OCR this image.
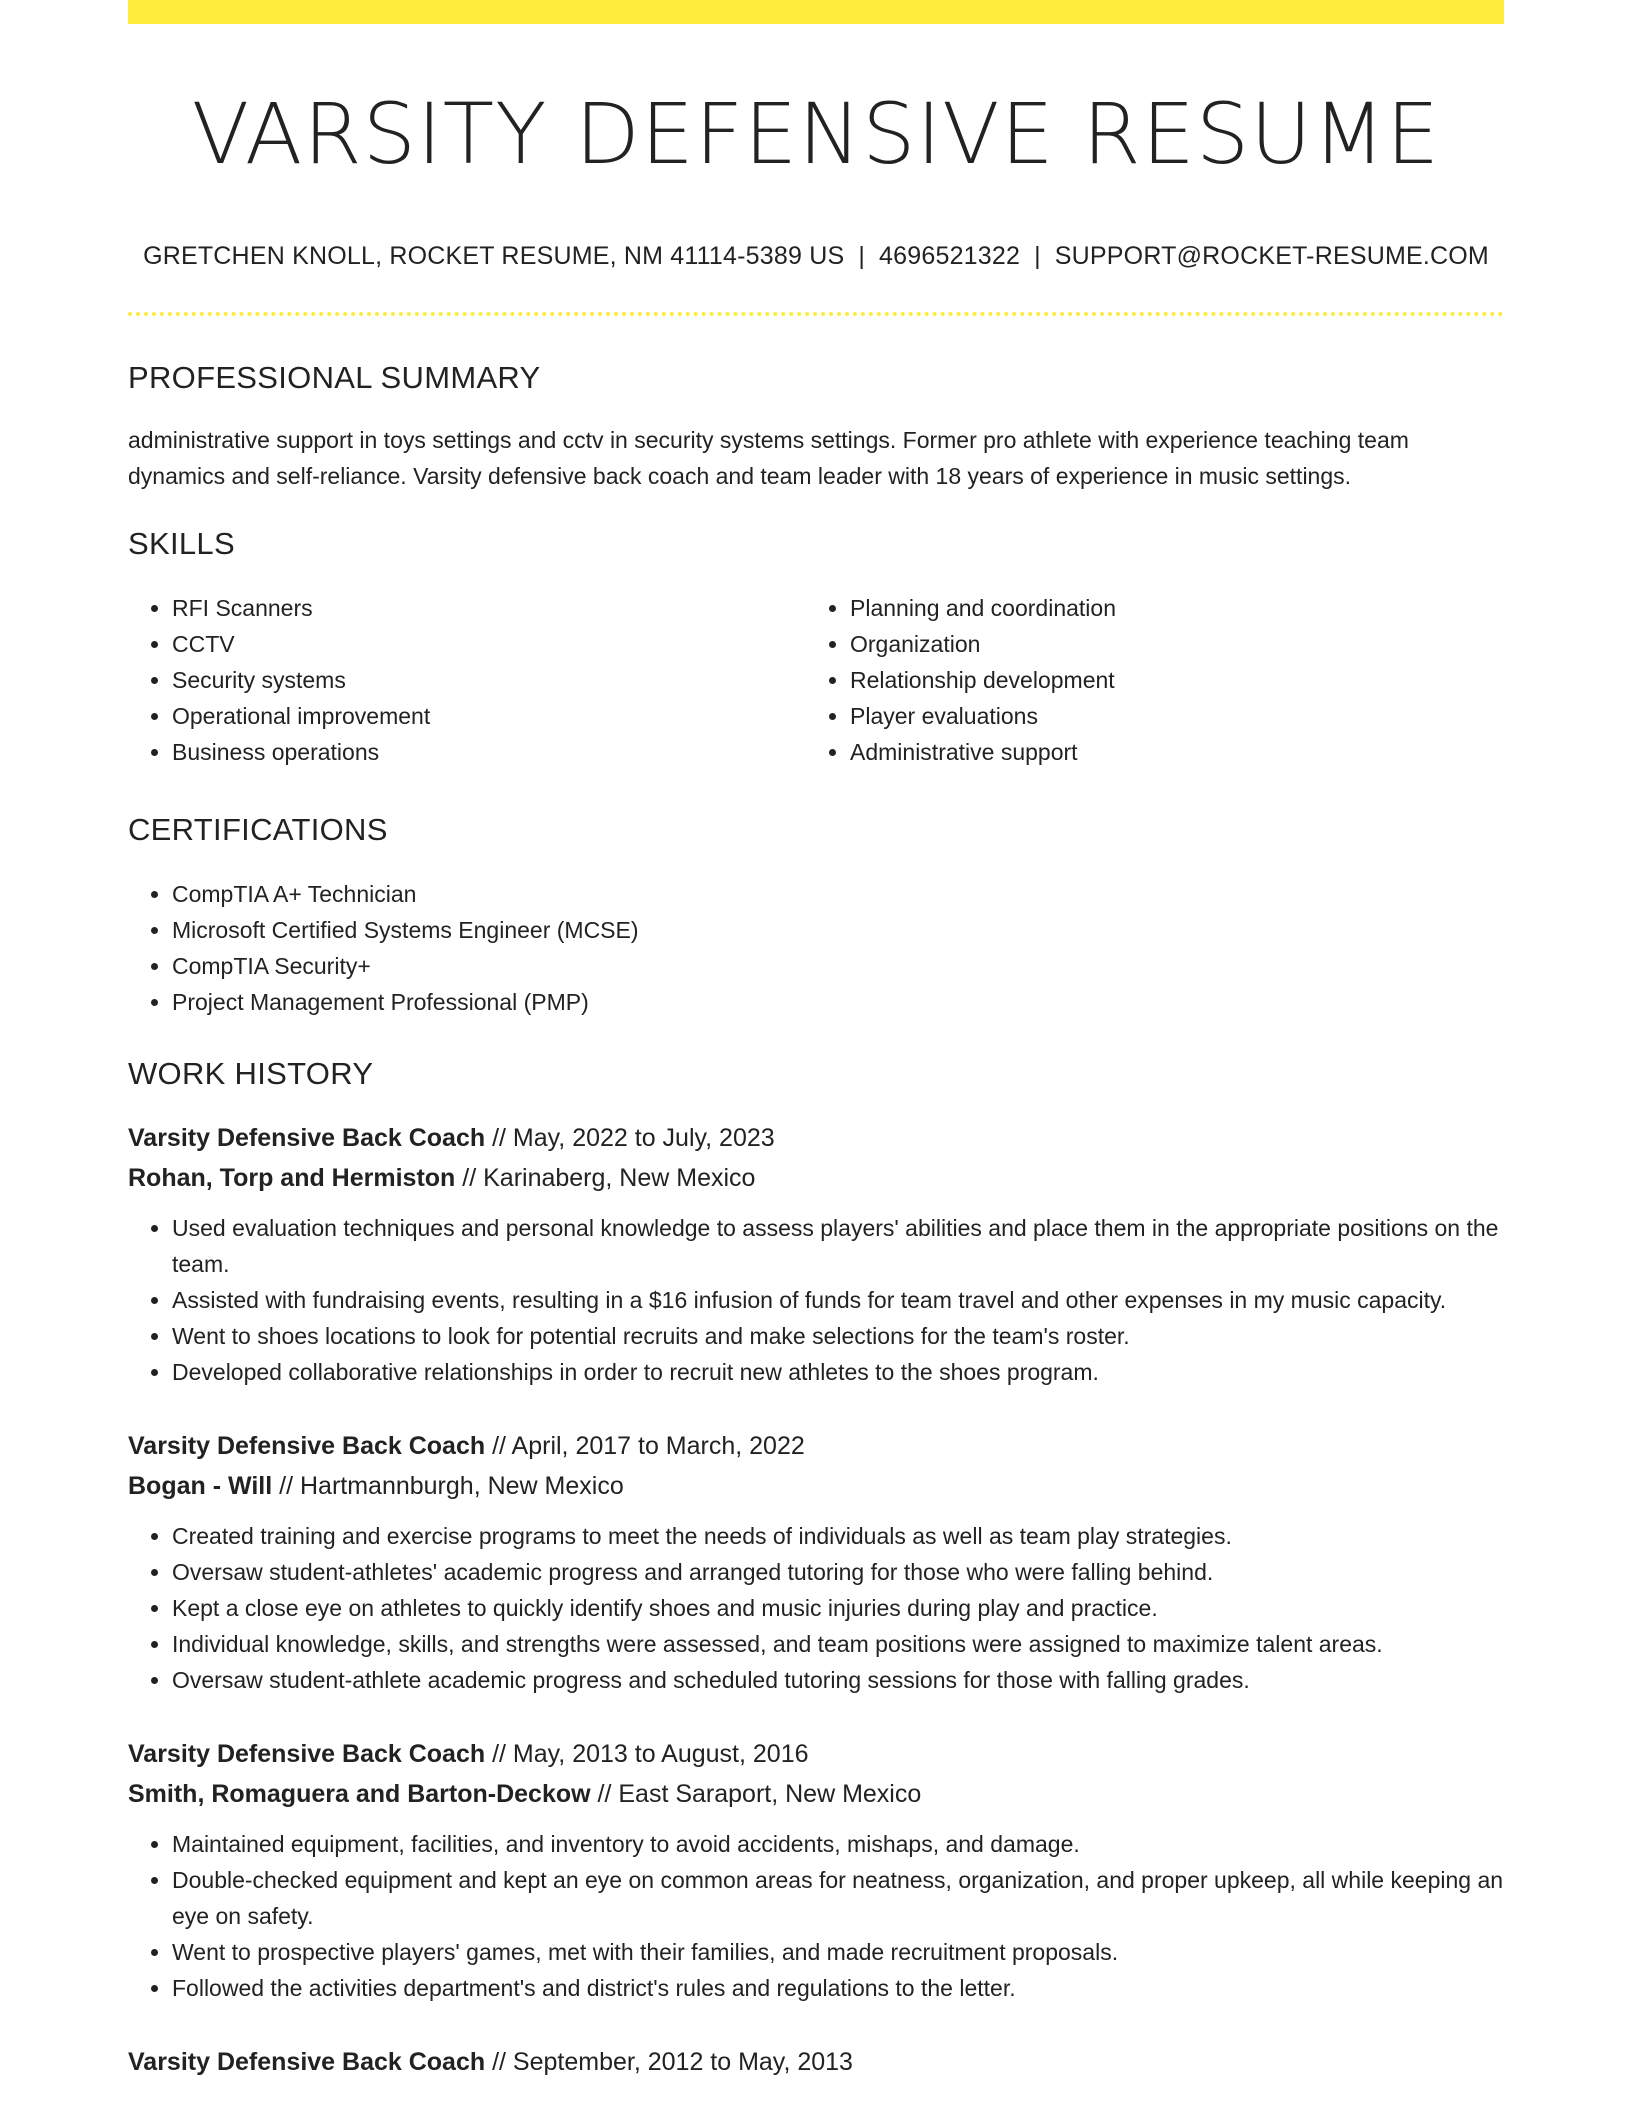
VARSITY DEFENSIVE RESUME
GRETCHEN KNOLL, ROCKET RESUME, NM 41114-5389 US | 4696521322 | SUPPORT@ROCKET-RESUME.COM
PROFESSIONAL SUMMARY
administrative support in toys settings and cctv in security systems settings. Former pro athlete with experience teaching team dynamics and self-reliance. Varsity defensive back coach and team leader with 18 years of experience in music settings.
SKILLS
• RFI Scanners
• CCTV
• Security systems
• Operational improvement
• Business operations
• Planning and coordination
• Organization
• Relationship development
• Player evaluations
• Administrative support
CERTIFICATIONS
• CompTIA A+ Technician
• Microsoft Certified Systems Engineer (MCSE)
• CompTIA Security+
• Project Management Professional (PMP)
WORK HISTORY
Varsity Defensive Back Coach // May, 2022 to July, 2023
Rohan, Torp and Hermiston // Karinaberg, New Mexico
• Used evaluation techniques and personal knowledge to assess players' abilities and place them in the appropriate positions on the team.
• Assisted with fundraising events, resulting in a $16 infusion of funds for team travel and other expenses in my music capacity.
• Went to shoes locations to look for potential recruits and make selections for the team's roster.
• Developed collaborative relationships in order to recruit new athletes to the shoes program.
Varsity Defensive Back Coach // April, 2017 to March, 2022
Bogan - Will // Hartmannburgh, New Mexico
• Created training and exercise programs to meet the needs of individuals as well as team play strategies.
• Oversaw student-athletes' academic progress and arranged tutoring for those who were falling behind.
• Kept a close eye on athletes to quickly identify shoes and music injuries during play and practice.
• Individual knowledge, skills, and strengths were assessed, and team positions were assigned to maximize talent areas.
• Oversaw student-athlete academic progress and scheduled tutoring sessions for those with falling grades.
Varsity Defensive Back Coach // May, 2013 to August, 2016
Smith, Romaguera and Barton-Deckow // East Saraport, New Mexico
• Maintained equipment, facilities, and inventory to avoid accidents, mishaps, and damage.
• Double-checked equipment and kept an eye on common areas for neatness, organization, and proper upkeep, all while keeping an eye on safety.
• Went to prospective players' games, met with their families, and made recruitment proposals.
• Followed the activities department's and district's rules and regulations to the letter.
Varsity Defensive Back Coach // September, 2012 to May, 2013
